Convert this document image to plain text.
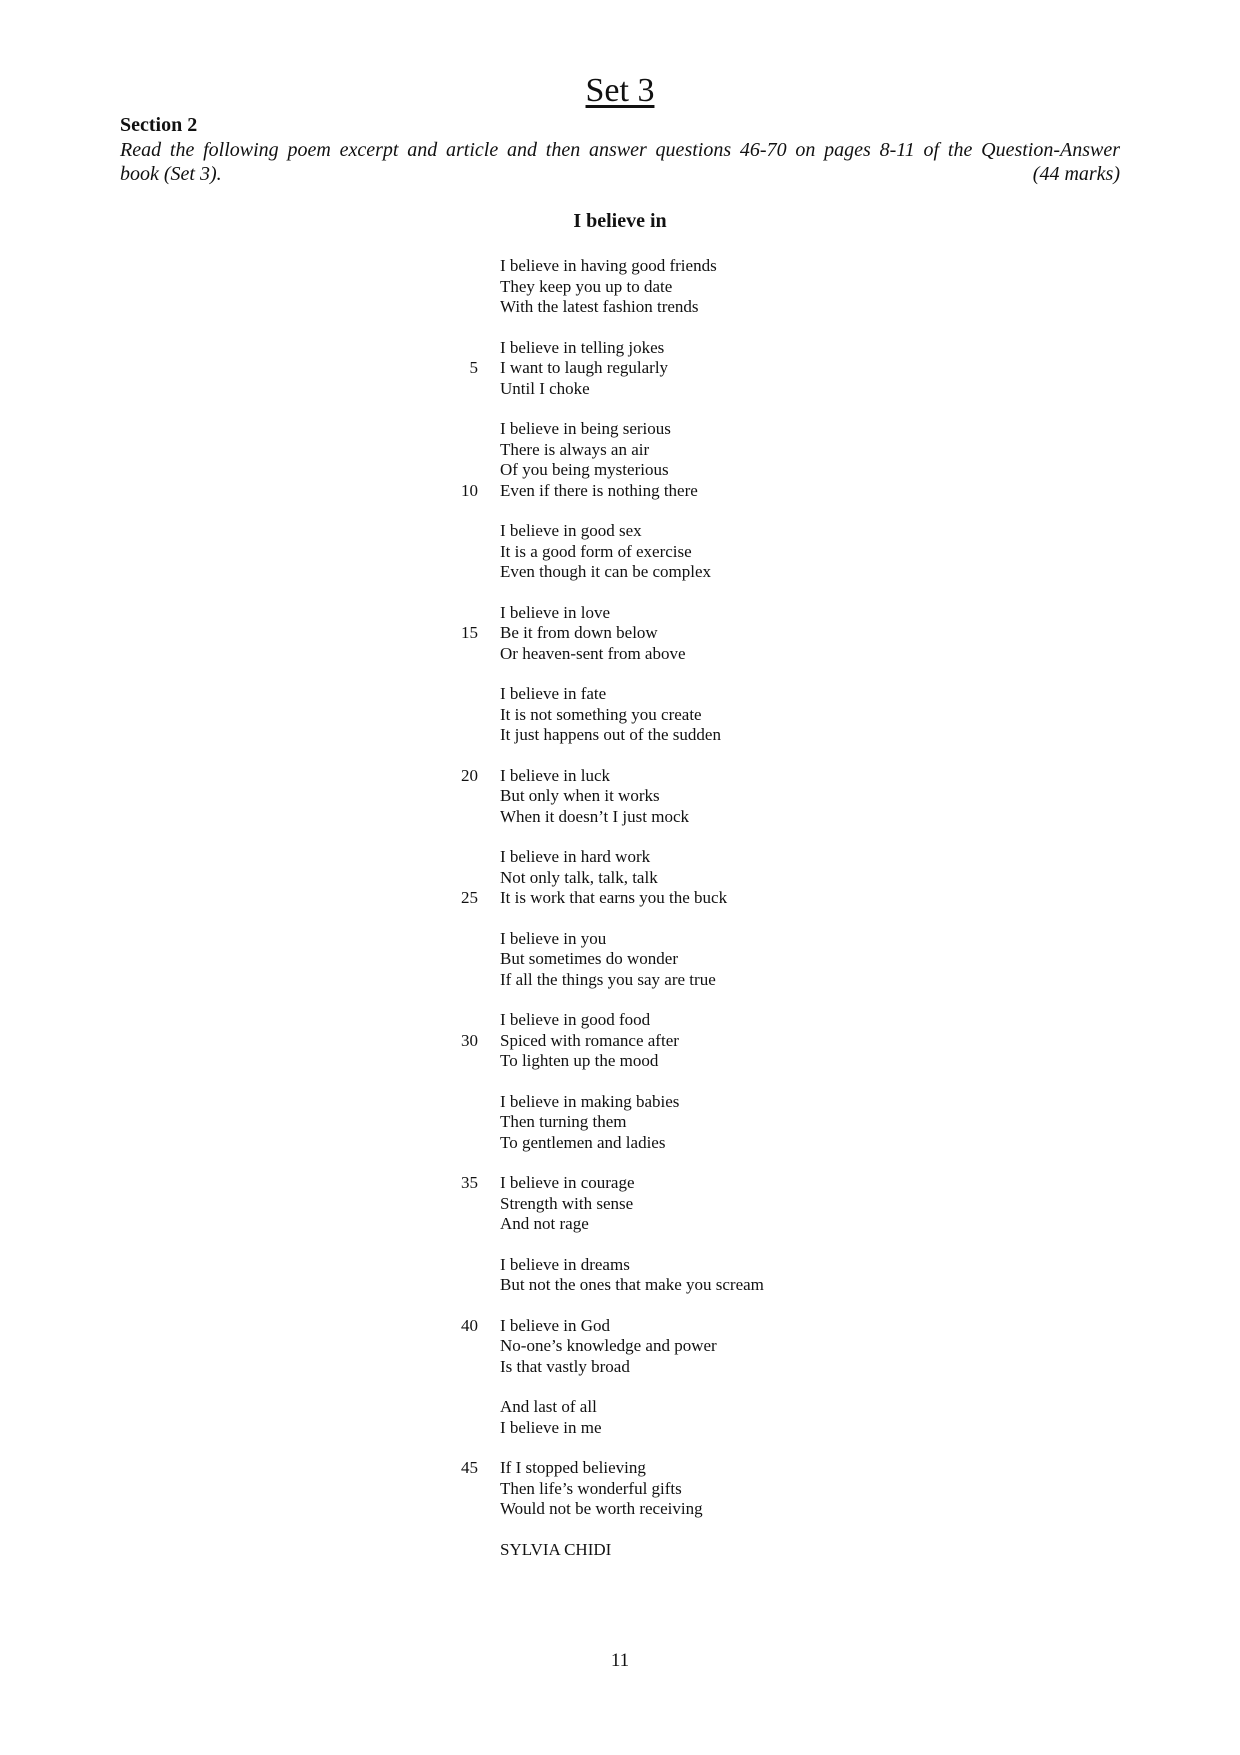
Set 3
Section 2
Read the following poem excerpt and article and then answer questions 46-70 on pages 8-11 of the Question-Answer
book (Set 3).	(44 marks)
I believe in
I believe in having good friends
They keep you up to date
With the latest fashion trends
I believe in telling jokes
5 I want to laugh regularly
Until I choke
I believe in being serious
There is always an air
Of you being mysterious
10 Even if there is nothing there
I believe in good sex
It is a good form of exercise
Even though it can be complex
I believe in love
15 Be it from down below
Or heaven-sent from above
I believe in fate
It is not something you create
It just happens out of the sudden
20 I believe in luck
But only when it works
When it doesn’t I just mock
I believe in hard work
Not only talk, talk, talk
25 It is work that earns you the buck
I believe in you
But sometimes do wonder
If all the things you say are true
I believe in good food
30 Spiced with romance after
To lighten up the mood
I believe in making babies
Then turning them
To gentlemen and ladies
35 I believe in courage
Strength with sense
And not rage
I believe in dreams
But not the ones that make you scream
40 I believe in God
No-one’s knowledge and power
Is that vastly broad
And last of all
I believe in me
45 If I stopped believing
Then life’s wonderful gifts
Would not be worth receiving
SYLVIA CHIDI
11
